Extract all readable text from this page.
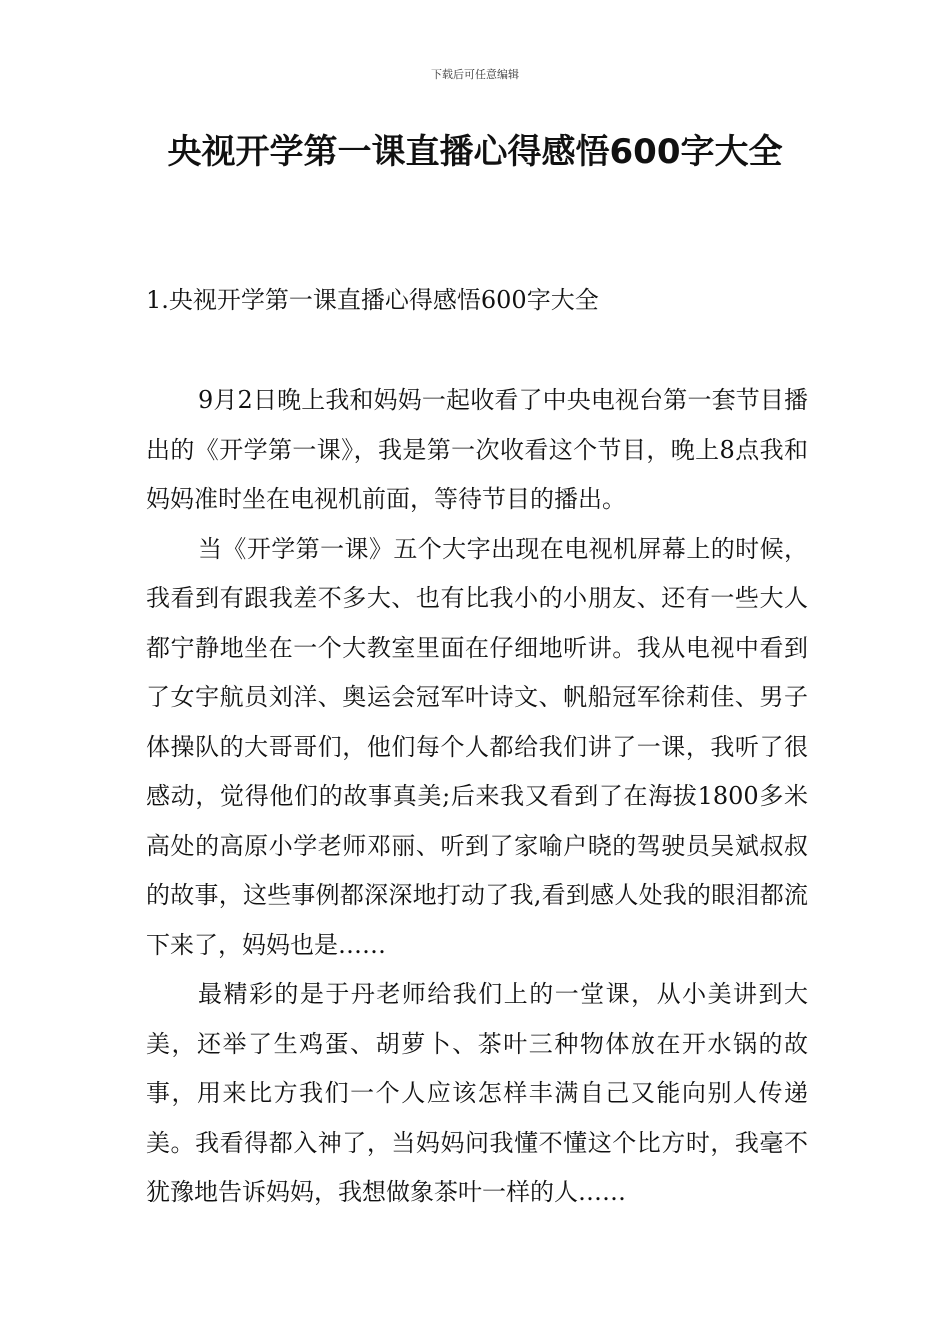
下载后可任意编辑
央视开学第一课直播心得感悟600字大全
1.央视开学第一课直播心得感悟600字大全

9月2日晚上我和妈妈一起收看了中央电视台第一套节目播出的《开学第一课》，我是第一次收看这个节目，晚上8点我和妈妈准时坐在电视机前面，等待节目的播出。

当《开学第一课》五个大字出现在电视机屏幕上的时候，我看到有跟我差不多大、也有比我小的小朋友、还有一些大人都宁静地坐在一个大教室里面在仔细地听讲。我从电视中看到了女宇航员刘洋、奥运会冠军叶诗文、帆船冠军徐莉佳、男子体操队的大哥哥们，他们每个人都给我们讲了一课，我听了很感动，觉得他们的故事真美;后来我又看到了在海拔1800多米高处的高原小学老师邓丽、听到了家喻户晓的驾驶员吴斌叔叔的故事，这些事例都深深地打动了我,看到感人处我的眼泪都流下来了，妈妈也是……

最精彩的是于丹老师给我们上的一堂课，从小美讲到大美，还举了生鸡蛋、胡萝卜、茶叶三种物体放在开水锅的故事，用来比方我们一个人应该怎样丰满自己又能向别人传递美。我看得都入神了，当妈妈问我懂不懂这个比方时，我毫不犹豫地告诉妈妈，我想做象茶叶一样的人……
